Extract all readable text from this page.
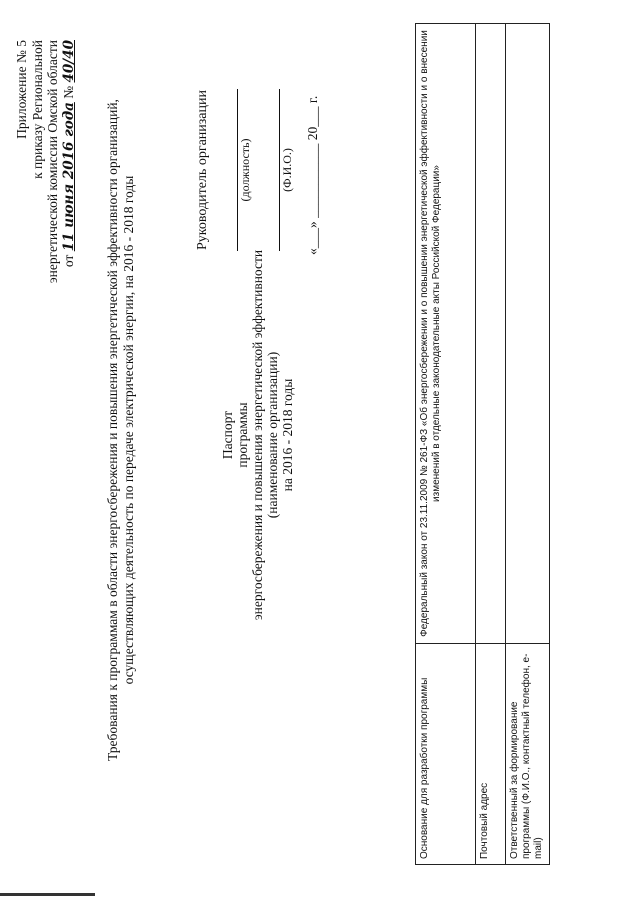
Приложение № 5 к приказу Региональной энергетической комиссии Омской области от 11 июня 2016 года № 40/40
Требования к программам в области энергосбережения и повышения энергетической эффективности организаций, осуществляющих деятельность по передаче электрической энергии, на 2016 - 2018 годы
Руководитель организации (должность) (Ф.И.О.) «___» ___________ 20___ г.
Паспорт программы энергосбережения и повышения энергетической эффективности (наименование организации) на 2016 - 2018 годы
Основание для разработки программы	Федеральный закон от 23.11.2009 № 261-ФЗ «Об энергосбережении и о повышении энергетической эффективности и о внесении изменений в отдельные законодательные акты Российской Федерации»
Почтовый адрес	
Ответственный за формирование программы (Ф.И.О., контактный телефон, e-mail)	
